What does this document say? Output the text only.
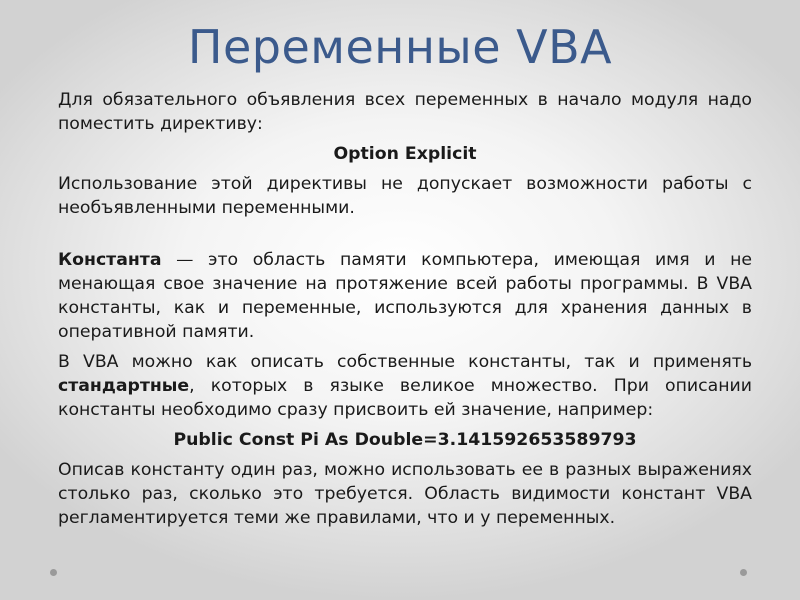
Переменные VBA

Для обязательного объявления всех переменных в начало модуля надо поместить директиву:

Option Explicit

Использование этой директивы не допускает возможности работы с необъявленными переменными.

Константа — это область памяти компьютера, имеющая имя и не менающая свое значение на протяжение всей работы программы. В VBA константы, как и переменные, используются для хранения данных в оперативной памяти.

В VBA можно как описать собственные константы, так и применять стандартные, которых в языке великое множество. При описании константы необходимо сразу присвоить ей значение, например:

Public Const Pi As Double=3.141592653589793

Описав константу один раз, можно использовать ее в разных выражениях столько раз, сколько это требуется. Область видимости констант VBA регламентируется теми же правилами, что и у переменных.
